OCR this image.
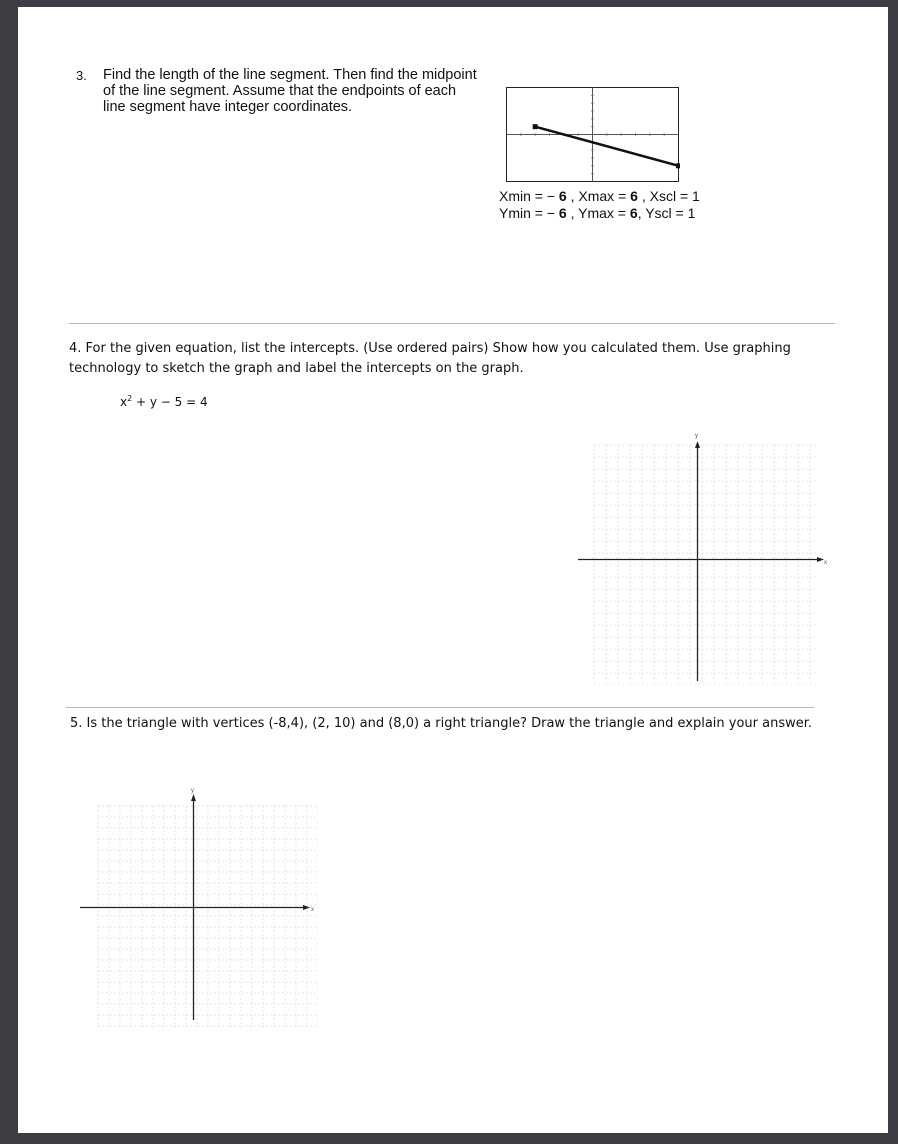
3. Find the length of the line segment. Then find the midpoint
of the line segment. Assume that the endpoints of each
line segment have integer coordinates.
Xmin = − 6 , Xmax = 6 , Xscl = 1
Ymin = − 6 , Ymax = 6, Yscl = 1
4. For the given equation, list the intercepts. (Use ordered pairs) Show how you calculated them. Use graphing
technology to sketch the graph and label the intercepts on the graph.
$x^2 + y - 5 = 4$
x
y
5. Is the triangle with vertices (-8,4), (2, 10) and (8,0) a right triangle? Draw the triangle and explain your answer.
x
y
